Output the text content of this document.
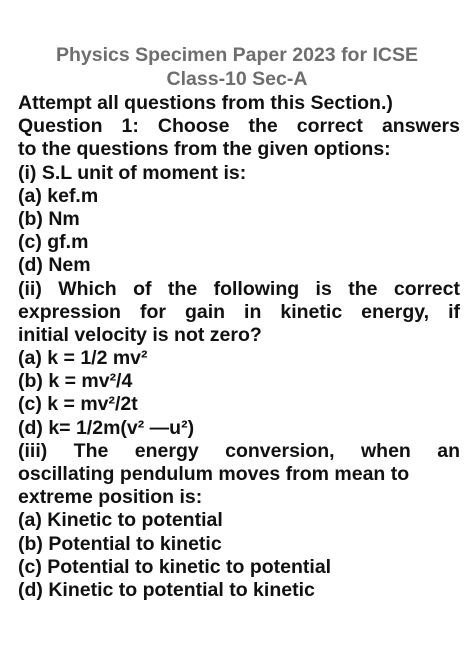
Physics Specimen Paper 2023 for ICSE
Class-10 Sec-A
Attempt all questions from this Section.)
Question 1: Choose the correct answers
to the questions from the given options:
(i) S.L unit of moment is:
(a) kef.m
(b) Nm
(c) gf.m
(d) Nem
(ii) Which of the following is the correct
expression for gain in kinetic energy, if
initial velocity is not zero?
(a) k = 1/2 mv²
(b) k = mv²/4
(c) k = mv²/2t
(d) k= 1/2m(v² —u²)
(iii) The energy conversion, when an
oscillating pendulum moves from mean to
extreme position is:
(a) Kinetic to potential
(b) Potential to kinetic
(c) Potential to kinetic to potential
(d) Kinetic to potential to kinetic
